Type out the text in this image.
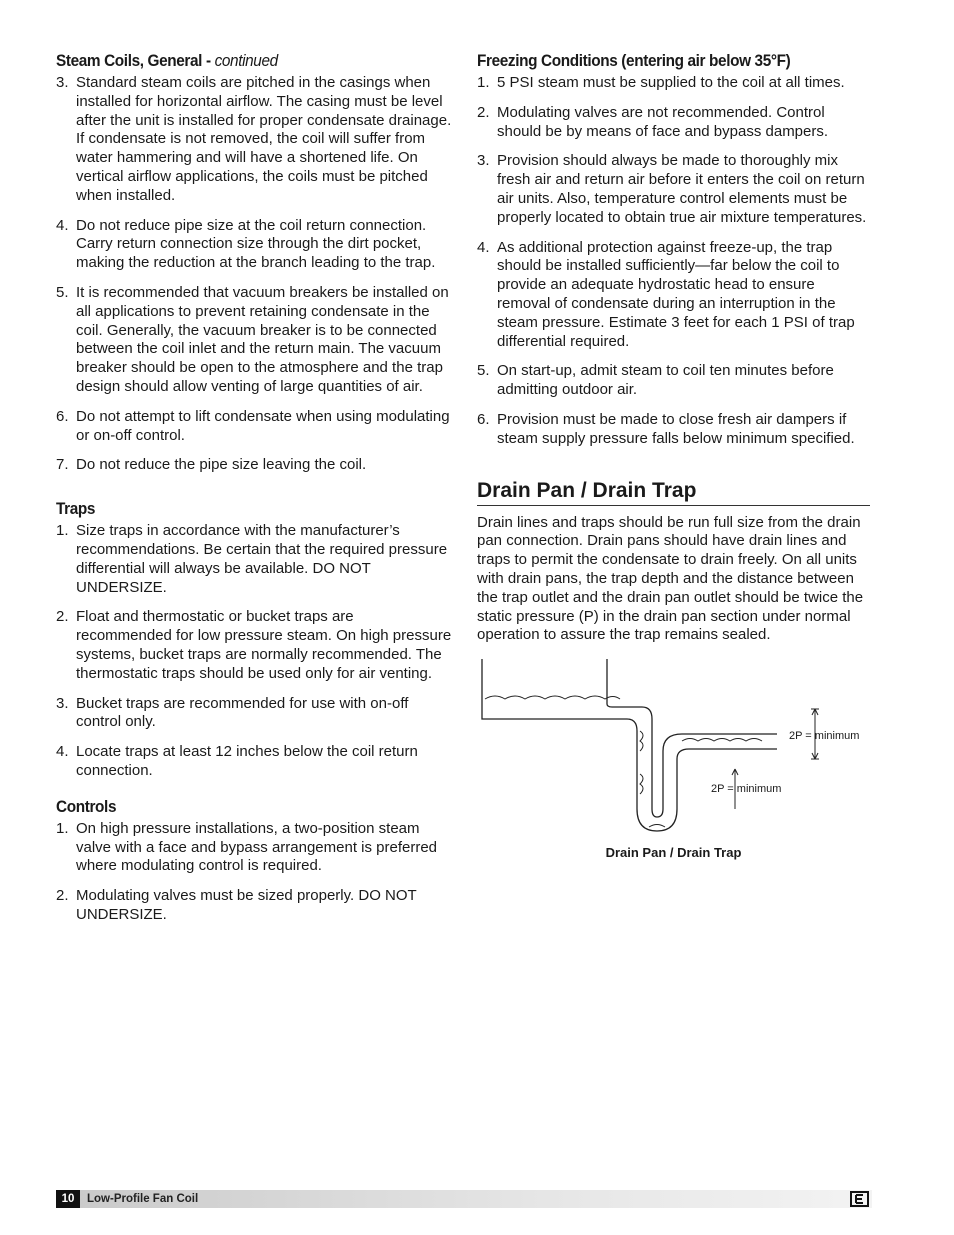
Steam Coils, General - continued
3. Standard steam coils are pitched in the casings when installed for horizontal airflow. The casing must be level after the unit is installed for proper condensate drainage. If condensate is not removed, the coil will suffer from water hammering and will have a shortened life. On vertical airflow applications, the coils must be pitched when installed.
4. Do not reduce pipe size at the coil return connection. Carry return connection size through the dirt pocket, making the reduction at the branch leading to the trap.
5. It is recommended that vacuum breakers be installed on all applications to prevent retaining condensate in the coil. Generally, the vacuum breaker is to be connected between the coil inlet and the return main. The vacuum breaker should be open to the atmosphere and the trap design should allow venting of large quantities of air.
6. Do not attempt to lift condensate when using modulating or on-off control.
7. Do not reduce the pipe size leaving the coil.
Traps
1. Size traps in accordance with the manufacturer’s recommendations. Be certain that the required pressure differential will always be available. DO NOT UNDERSIZE.
2. Float and thermostatic or bucket traps are recommended for low pressure steam. On high pressure systems, bucket traps are normally recommended. The thermostatic traps should be used only for air venting.
3. Bucket traps are recommended for use with on-off control only.
4. Locate traps at least 12 inches below the coil return connection.
Controls
1. On high pressure installations, a two-position steam valve with a face and bypass arrangement is preferred where modulating control is required.
2. Modulating valves must be sized properly. DO NOT UNDERSIZE.
Freezing Conditions (entering air below 35°F)
1. 5 PSI steam must be supplied to the coil at all times.
2. Modulating valves are not recommended. Control should be by means of face and bypass dampers.
3. Provision should always be made to thoroughly mix fresh air and return air before it enters the coil on return air units. Also, temperature control elements must be properly located to obtain true air mixture temperatures.
4. As additional protection against freeze-up, the trap should be installed sufficiently—far below the coil to provide an adequate hydrostatic head to ensure removal of condensate during an interruption in the steam pressure. Estimate 3 feet for each 1 PSI of trap differential required.
5. On start-up, admit steam to coil ten minutes before admitting outdoor air.
6. Provision must be made to close fresh air dampers if steam supply pressure falls below minimum specified.
Drain Pan / Drain Trap

Drain lines and traps should be run full size from the drain pan connection. Drain pans should have drain lines and traps to permit the condensate to drain freely. On all units with drain pans, the trap depth and the distance between the trap outlet and the drain pan outlet should be twice the static pressure (P) in the drain pan section under normal operation to assure the trap remains sealed.

2P = minimum
2P = minimum
Drain Pan / Drain Trap
10	Low-Profile Fan Coil
